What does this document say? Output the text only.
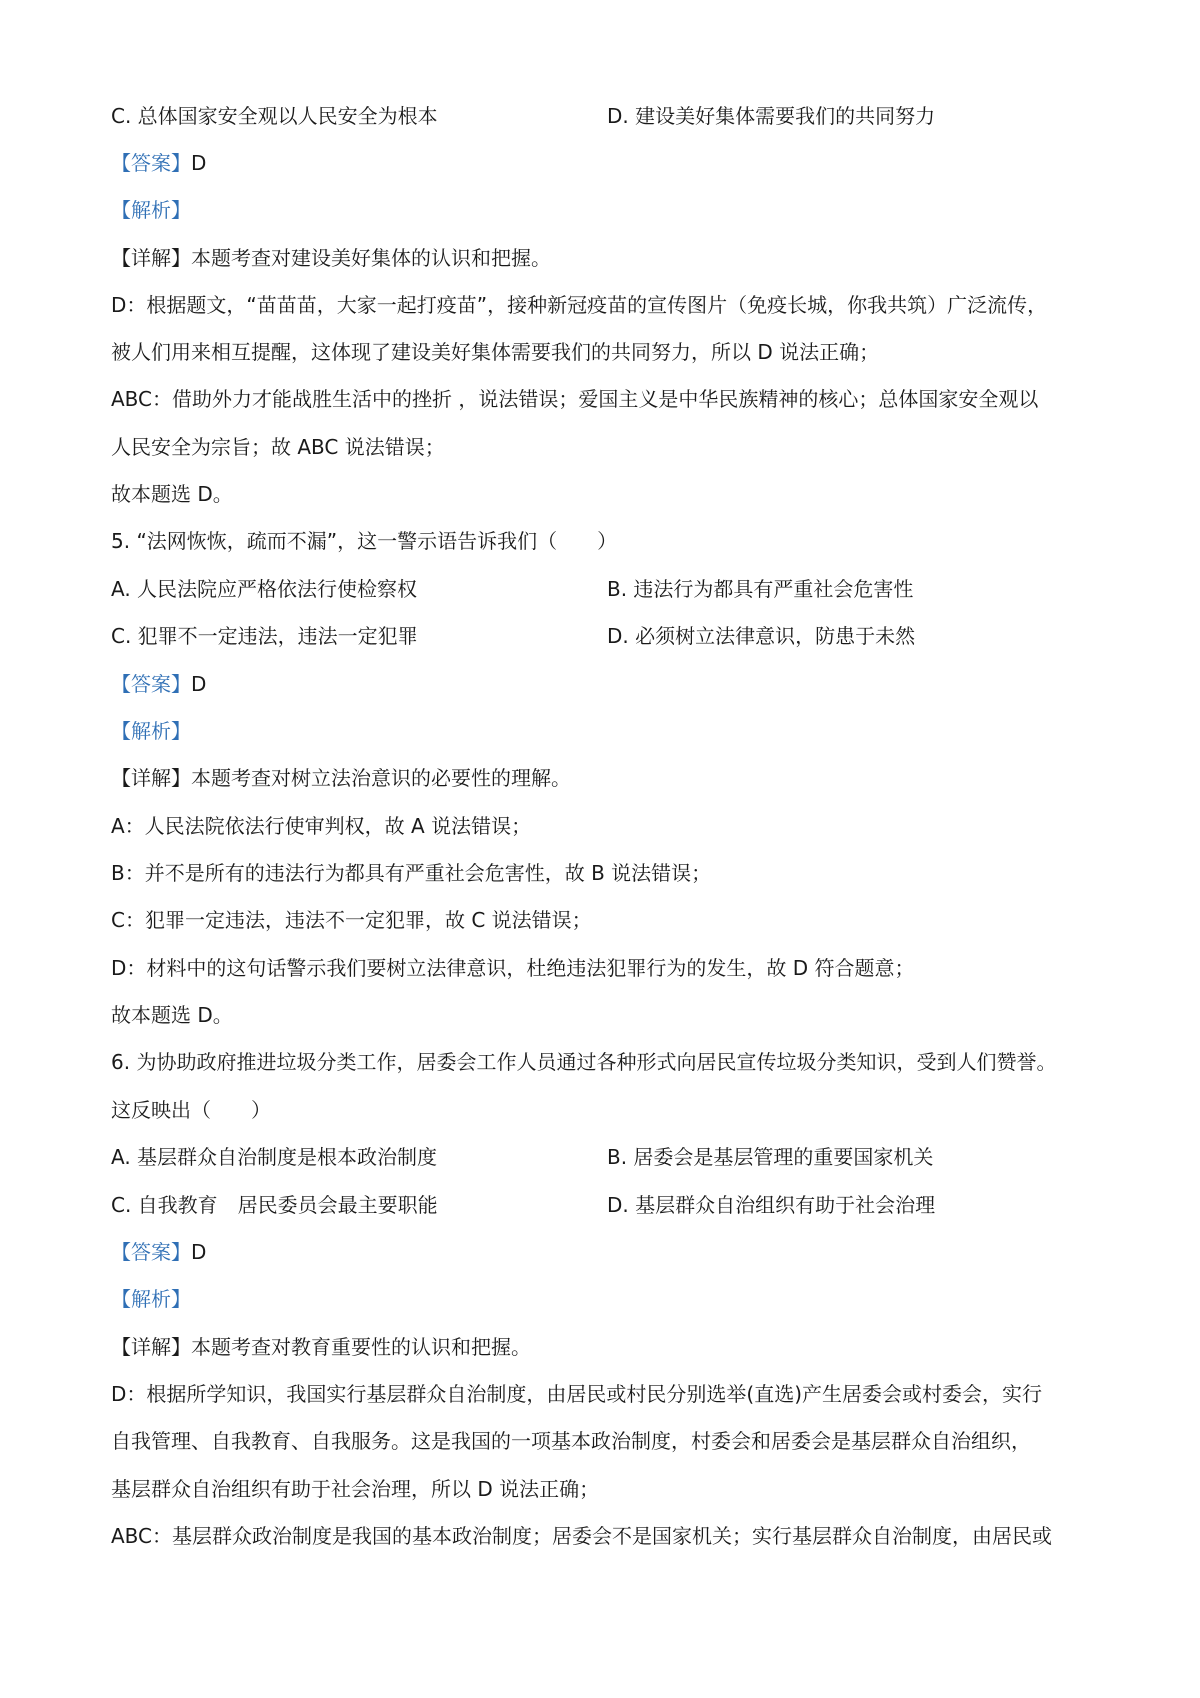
C. 总体国家安全观以人民安全为根本	D. 建设美好集体需要我们的共同努力
【答案】D
【解析】
【详解】本题考查对建设美好集体的认识和把握。
D：根据题文，“苗苗苗，大家一起打疫苗”，接种新冠疫苗的宣传图片（免疫长城，你我共筑）广泛流传，
被人们用来相互提醒，这体现了建设美好集体需要我们的共同努力，所以 D 说法正确；
ABC：借助外力才能战胜生活中的挫折 ，说法错误；爱国主义是中华民族精神的核心；总体国家安全观以
人民安全为宗旨；故 ABC 说法错误；
故本题选 D。
5. “法网恢恢，疏而不漏”，这一警示语告诉我们（　　）
A. 人民法院应严格依法行使检察权	B. 违法行为都具有严重社会危害性
C. 犯罪不一定违法，违法一定犯罪	D. 必须树立法律意识，防患于未然
【答案】D
【解析】
【详解】本题考查对树立法治意识的必要性的理解。
A：人民法院依法行使审判权，故 A 说法错误；
B：并不是所有的违法行为都具有严重社会危害性，故 B 说法错误；
C：犯罪一定违法，违法不一定犯罪，故 C 说法错误；
D：材料中的这句话警示我们要树立法律意识，杜绝违法犯罪行为的发生，故 D 符合题意；
故本题选 D。
6. 为协助政府推进垃圾分类工作，居委会工作人员通过各种形式向居民宣传垃圾分类知识，受到人们赞誉。
这反映出（　　）
A. 基层群众自治制度是根本政治制度	B. 居委会是基层管理的重要国家机关
C. 自我教育　居民委员会最主要职能	D. 基层群众自治组织有助于社会治理
【答案】D
【解析】
【详解】本题考查对教育重要性的认识和把握。
D：根据所学知识，我国实行基层群众自治制度，由居民或村民分别选举(直选)产生居委会或村委会，实行
自我管理、自我教育、自我服务。这是我国的一项基本政治制度，村委会和居委会是基层群众自治组织，
基层群众自治组织有助于社会治理，所以 D 说法正确；
ABC：基层群众政治制度是我国的基本政治制度；居委会不是国家机关；实行基层群众自治制度，由居民或
